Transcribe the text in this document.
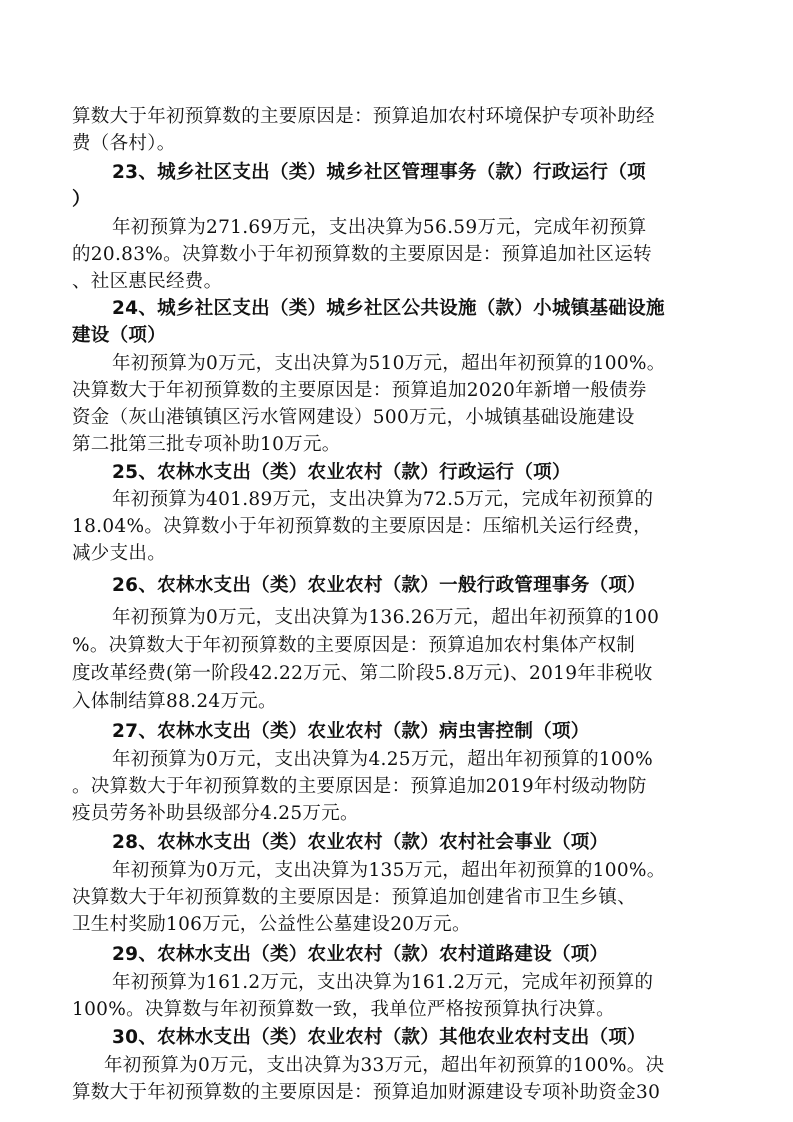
算数大于年初预算数的主要原因是：预算追加农村环境保护专项补助经
费（各村）。
23、城乡社区支出（类）城乡社区管理事务（款）行政运行（项
）
年初预算为271.69万元，支出决算为56.59万元，完成年初预算
的20.83%。决算数小于年初预算数的主要原因是：预算追加社区运转
、社区惠民经费。
24、城乡社区支出（类）城乡社区公共设施（款）小城镇基础设施
建设（项）
年初预算为0万元，支出决算为510万元，超出年初预算的100%。
决算数大于年初预算数的主要原因是：预算追加2020年新增一般债券
资金（灰山港镇镇区污水管网建设）500万元，小城镇基础设施建设
第二批第三批专项补助10万元。
25、农林水支出（类）农业农村（款）行政运行（项）
年初预算为401.89万元，支出决算为72.5万元，完成年初预算的
18.04%。决算数小于年初预算数的主要原因是：压缩机关运行经费，
减少支出。
26、农林水支出（类）农业农村（款）一般行政管理事务（项）
年初预算为0万元，支出决算为136.26万元，超出年初预算的100
%。决算数大于年初预算数的主要原因是：预算追加农村集体产权制
度改革经费(第一阶段42.22万元、第二阶段5.8万元)、2019年非税收
入体制结算88.24万元。
27、农林水支出（类）农业农村（款）病虫害控制（项）
年初预算为0万元，支出决算为4.25万元，超出年初预算的100%
。决算数大于年初预算数的主要原因是：预算追加2019年村级动物防
疫员劳务补助县级部分4.25万元。
28、农林水支出（类）农业农村（款）农村社会事业（项）
年初预算为0万元，支出决算为135万元，超出年初预算的100%。
决算数大于年初预算数的主要原因是：预算追加创建省市卫生乡镇、
卫生村奖励106万元，公益性公墓建设20万元。
29、农林水支出（类）农业农村（款）农村道路建设（项）
年初预算为161.2万元，支出决算为161.2万元，完成年初预算的
100%。决算数与年初预算数一致，我单位严格按预算执行决算。
30、农林水支出（类）农业农村（款）其他农业农村支出（项）
年初预算为0万元，支出决算为33万元，超出年初预算的100%。决
算数大于年初预算数的主要原因是：预算追加财源建设专项补助资金30
